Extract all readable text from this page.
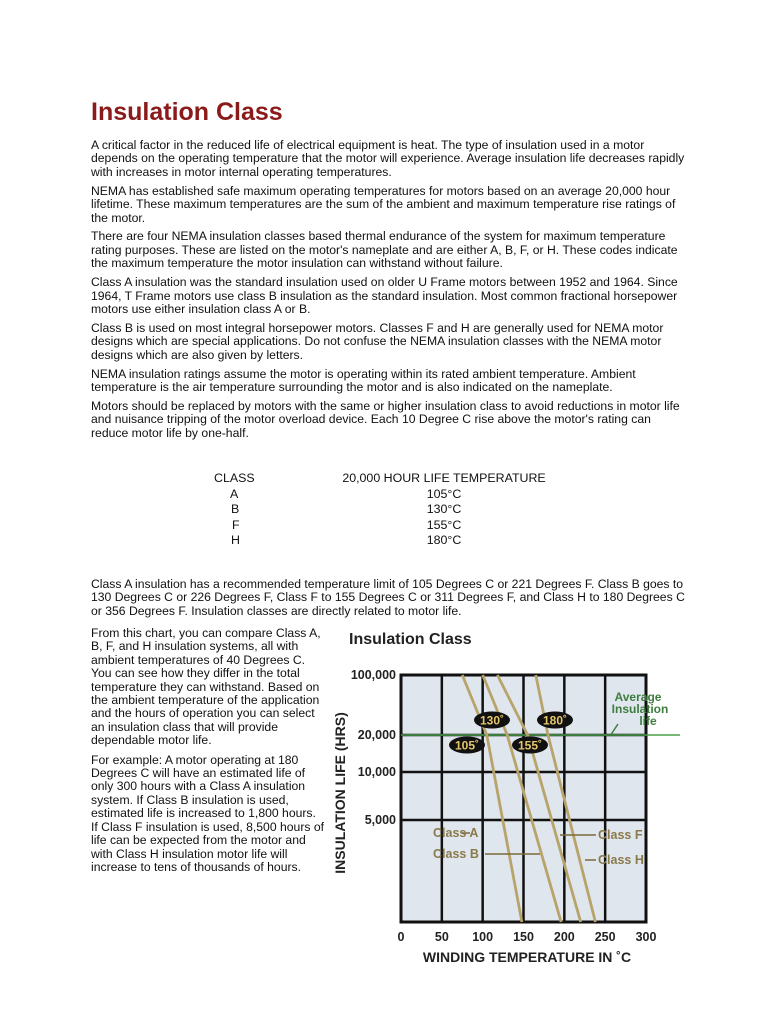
Insulation Class

A critical factor in the reduced life of electrical equipment is heat. The type of insulation used in a motor depends on the operating temperature that the motor will experience. Average insulation life decreases rapidly with increases in motor internal operating temperatures.

NEMA has established safe maximum operating temperatures for motors based on an average 20,000 hour lifetime. These maximum temperatures are the sum of the ambient and maximum temperature rise ratings of the motor.

There are four NEMA insulation classes based thermal endurance of the system for maximum temperature rating purposes. These are listed on the motor's nameplate and are either A, B, F, or H. These codes indicate the maximum temperature the motor insulation can withstand without failure.

Class A insulation was the standard insulation used on older U Frame motors between 1952 and 1964. Since 1964, T Frame motors use class B insulation as the standard insulation. Most common fractional horsepower motors use either insulation class A or B.

Class B is used on most integral horsepower motors. Classes F and H are generally used for NEMA motor designs which are special applications. Do not confuse the NEMA insulation classes with the NEMA motor designs which are also given by letters.

NEMA insulation ratings assume the motor is operating within its rated ambient temperature. Ambient temperature is the air temperature surrounding the motor and is also indicated on the nameplate.

Motors should be replaced by motors with the same or higher insulation class to avoid reductions in motor life and nuisance tripping of the motor overload device. Each 10 Degree C rise above the motor's rating can reduce motor life by one-half.

CLASS	20,000 HOUR LIFE TEMPERATURE
A	105°C
B	130°C
F	155°C
H	180°C
Class A insulation has a recommended temperature limit of 105 Degrees C or 221 Degrees F. Class B goes to 130 Degrees C or 226 Degrees F, Class F to 155 Degrees C or 311 Degrees F, and Class H to 180 Degrees C or 356 Degrees F. Insulation classes are directly related to motor life.

From this chart, you can compare Class A, B, F, and H insulation systems, all with ambient temperatures of 40 Degrees C. You can see how they differ in the total temperature they can withstand. Based on the ambient temperature of the application and the hours of operation you can select an insulation class that will provide dependable motor life.

For example: A motor operating at 180 Degrees C will have an estimated life of only 300 hours with a Class A insulation system. If Class B insulation is used, estimated life is increased to 1,800 hours. If Class F insulation is used, 8,500 hours of life can be expected from the motor and with Class H insulation motor life will increase to tens of thousands of hours.

Insulation Class
0 50 100 150 200 250 300
100,000
20,000
10,000
5,000
Average
Insulation
life
105˚
130˚
155˚
180˚
Class A
Class B
Class F
Class H
WINDING TEMPERATURE IN ˚C
INSULATION LIFE (HRS)
